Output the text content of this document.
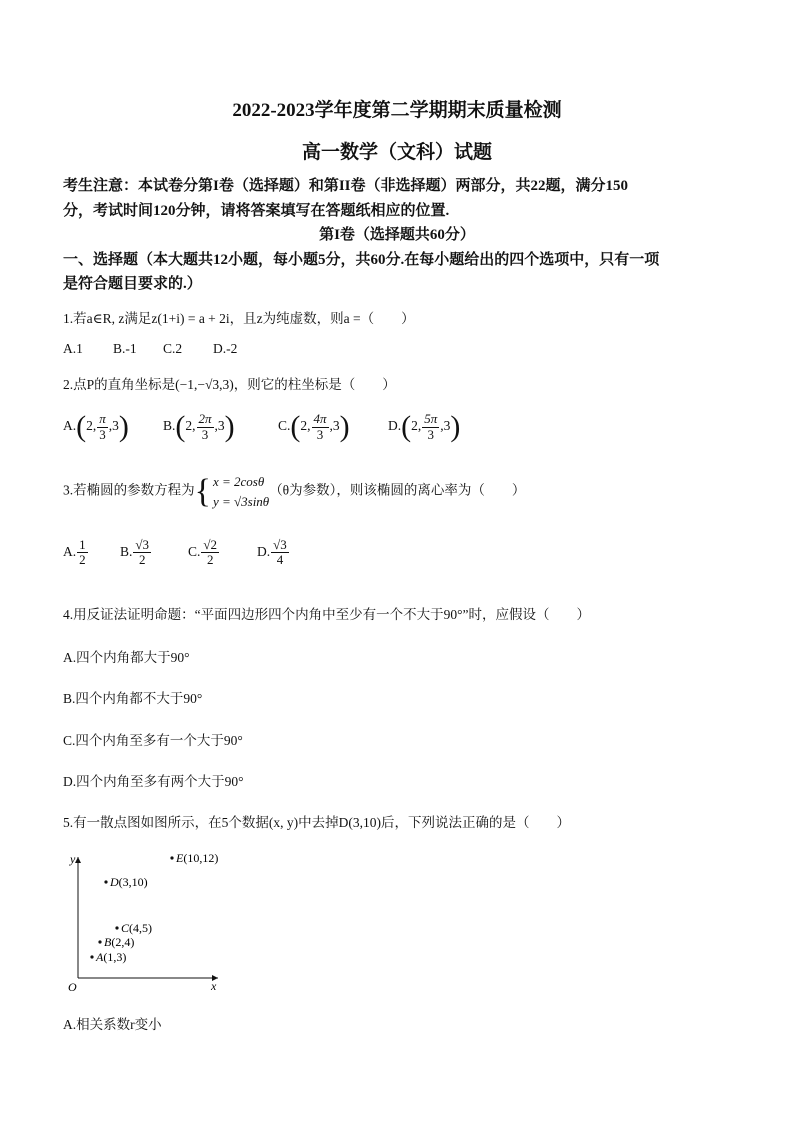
2022-2023学年度第二学期期末质量检测
高一数学（文科）试题
考生注意：本试卷分第I卷（选择题）和第II卷（非选择题）两部分，共22题，满分150
分，考试时间120分钟，请将答案填写在答题纸相应的位置.
第I卷（选择题共60分）
一、选择题（本大题共12小题，每小题5分，共60分.在每小题给出的四个选项中，只有一项
是符合题目要求的.）
1.若a∈R, z满足z(1+i) = a + 2i，且z为纯虚数，则a =（　　）
A.1 B.-1 C.2 D.-2
2.点P的直角坐标是(−1,−√3,3)，则它的柱坐标是（　　）
A.(2, $\frac{\pi}{3} ,3$)	B.(2, $\frac{2\pi}{3} ,3$)	C.(2, $\frac{4\pi}{3} ,3$)	D.(2, $\frac{5\pi}{3} ,3$)
3.若椭圆的参数方程为 { x = 2cosθ
y = √3sinθ
（θ为参数），则该椭圆的离心率为（　　）
A. $\frac{1}{2} B$. $\frac{√3}{2}$	C. $\frac{√2}{2}$	D. $\frac{√3}{4}$
4.用反证法证明命题：“平面四边形四个内角中至少有一个不大于90°”时，应假设（　　）
A.四个内角都大于90°
B.四个内角都不大于90°
C.四个内角至多有一个大于90°
D.四个内角至多有两个大于90°
5.有一散点图如图所示，在5个数据(x, y)中去掉D(3,10)后，下列说法正确的是（　　）
y
x
O
A(1,3)
B(2,4)
C(4,5)
D(3,10)
E(10,12)
A.相关系数r变小
